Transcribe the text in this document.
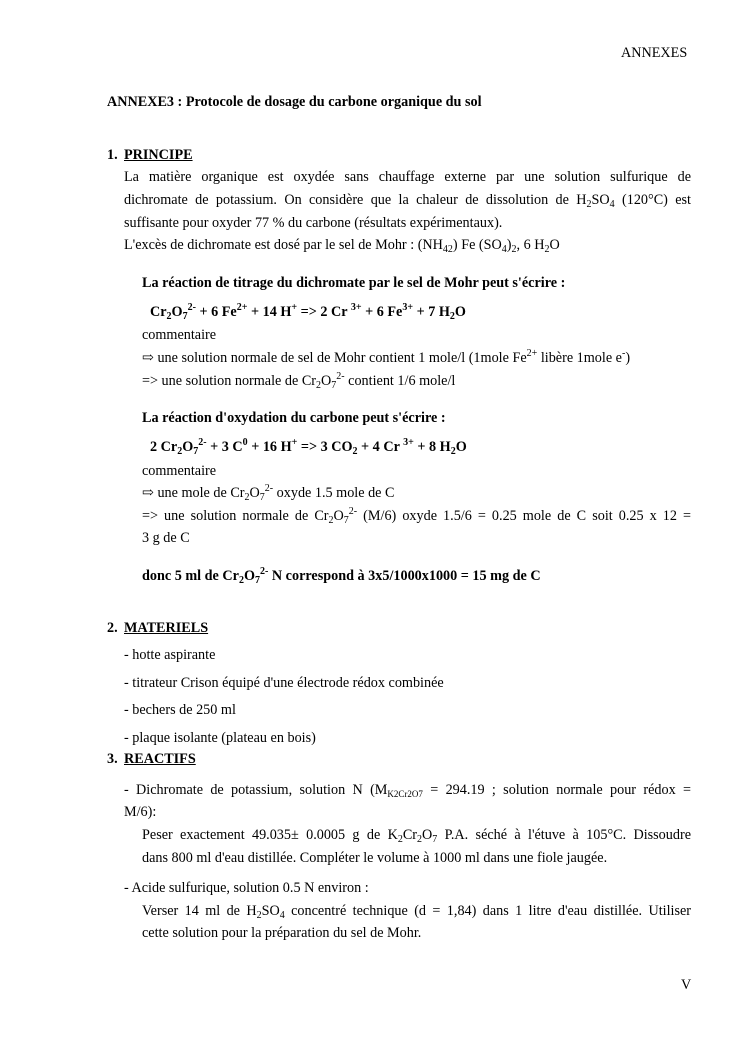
ANNEXES
ANNEXE3 : Protocole de dosage du carbone organique du sol
1. PRINCIPE
La matière organique est oxydée sans chauffage externe par une solution sulfurique de
dichromate de potassium. On considère que la chaleur de dissolution de $H_2SO_4$ (120°C) est
suffisante pour oxyder 77 % du carbone (résultats expérimentaux).
L'excès de dichromate est dosé par le sel de Mohr : $(NH_{42})$ Fe $(SO_4)_2$, 6 $H_2O$
La réaction de titrage du dichromate par le sel de Mohr peut s'écrire :
$Cr_2O_7^{2-} + 6$ $Fe^{2+} + 14$ H+ => 2 Cr $^{3+}$ + 6 $Fe^{3+} + 7$ $H_2O$
commentaire
⇨ une solution normale de sel de Mohr contient 1 mole/l (1mole $Fe^{2+}$ libère 1mole e-)
=> une solution normale de $Cr_2O_7^{2-}$ contient 1/6 mole/l
La réaction d'oxydation du carbone peut s'écrire :
2 $Cr_2O_7^{2-} + 3$ $C^0 + 16$ H+ => 3 $CO_2 + 4$ Cr $^{3+}$ + 8 $H_2O$
commentaire
⇨ une mole de $Cr_2O_7^{2-}$ oxyde 1.5 mole de C
=> une solution normale de $Cr_2O_7^{2-}$ (M/6) oxyde 1.5/6 = 0.25 mole de C soit 0.25 x 12 =
3 g de C
donc 5 ml de $Cr_2O_7^{2-}$ N correspond à 3x5/1000x1000 = 15 mg de C
2. MATERIELS
- hotte aspirante
- titrateur Crison équipé d'une électrode rédox combinée
- bechers de 250 ml
- plaque isolante (plateau en bois)
3. REACTIFS
- Dichromate de potassium, solution N ($M_{K2Cr2O7} = 294.19$ ; solution normale pour rédox =
M/6):
Peser exactement 49.035± 0.0005 g de $K_2Cr_2O_7$ P.A. séché à l'étuve à 105°C. Dissoudre
dans 800 ml d'eau distillée. Compléter le volume à 1000 ml dans une fiole jaugée.
- Acide sulfurique, solution 0.5 N environ :
Verser 14 ml de $H_2SO_4$ concentré technique (d = 1,84) dans 1 litre d'eau distillée. Utiliser
cette solution pour la préparation du sel de Mohr.
V
